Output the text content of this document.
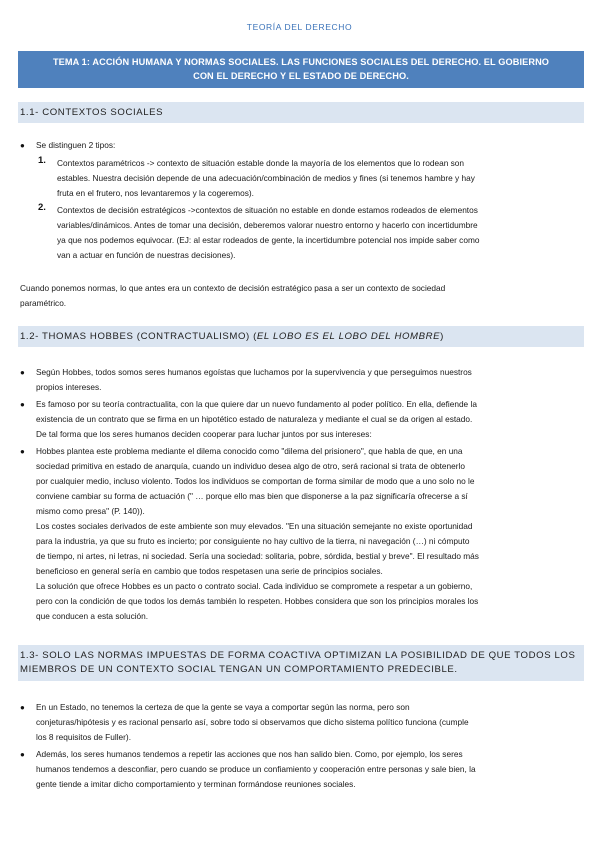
TEORÍA DEL DERECHO
TEMA 1: ACCIÓN HUMANA Y NORMAS SOCIALES. LAS FUNCIONES SOCIALES DEL DERECHO. EL GOBIERNO
CON EL DERECHO Y EL ESTADO DE DERECHO.
1.1- CONTEXTOS SOCIALES
● Se distinguen 2 tipos:
1. Contextos paramétricos -> contexto de situación estable donde la mayoría de los elementos que lo rodean son
estables. Nuestra decisión depende de una adecuación/combinación de medios y fines (si tenemos hambre y hay
fruta en el frutero, nos levantaremos y la cogeremos).
2. Contextos de decisión estratégicos ->contextos de situación no estable en donde estamos rodeados de elementos
variables/dinámicos. Antes de tomar una decisión, deberemos valorar nuestro entorno y hacerlo con incertidumbre
ya que nos podemos equivocar. (EJ: al estar rodeados de gente, la incertidumbre potencial nos impide saber como
van a actuar en función de nuestras decisiones).
Cuando ponemos normas, lo que antes era un contexto de decisión estratégico pasa a ser un contexto de sociedad
paramétrico.
1.2- THOMAS HOBBES (CONTRACTUALISMO) (EL LOBO ES EL LOBO DEL HOMBRE)
● Según Hobbes, todos somos seres humanos egoístas que luchamos por la supervivencia y que perseguimos nuestros
propios intereses.
● Es famoso por su teoría contractualita, con la que quiere dar un nuevo fundamento al poder político. En ella, defiende la
existencia de un contrato que se firma en un hipotético estado de naturaleza y mediante el cual se da origen al estado.
De tal forma que los seres humanos deciden cooperar para luchar juntos por sus intereses:
● Hobbes plantea este problema mediante el dilema conocido como "dilema del prisionero", que habla de que, en una
sociedad primitiva en estado de anarquía, cuando un individuo desea algo de otro, será racional si trata de obtenerlo
por cualquier medio, incluso violento. Todos los individuos se comportan de forma similar de modo que a uno solo no le
conviene cambiar su forma de actuación (" … porque ello mas bien que disponerse a la paz significaría ofrecerse a sí
mismo como presa" (P. 140)).
Los costes sociales derivados de este ambiente son muy elevados. "En una situación semejante no existe oportunidad
para la industria, ya que su fruto es incierto; por consiguiente no hay cultivo de la tierra, ni navegación (…) ni cómputo
de tiempo, ni artes, ni letras, ni sociedad. Sería una sociedad: solitaria, pobre, sórdida, bestial y breve". El resultado más
beneficioso en general sería en cambio que todos respetasen una serie de principios sociales.
La solución que ofrece Hobbes es un pacto o contrato social. Cada individuo se compromete a respetar a un gobierno,
pero con la condición de que todos los demás también lo respeten. Hobbes considera que son los principios morales los
que conducen a esta solución.
1.3- SOLO LAS NORMAS IMPUESTAS DE FORMA COACTIVA OPTIMIZAN LA POSIBILIDAD DE QUE TODOS LOS
MIEMBROS DE UN CONTEXTO SOCIAL TENGAN UN COMPORTAMIENTO PREDECIBLE.
● En un Estado, no tenemos la certeza de que la gente se vaya a comportar según las norma, pero son
conjeturas/hipótesis y es racional pensarlo así, sobre todo si observamos que dicho sistema político funciona (cumple
los 8 requisitos de Fuller).
● Además, los seres humanos tendemos a repetir las acciones que nos han salido bien. Como, por ejemplo, los seres
humanos tendemos a desconfiar, pero cuando se produce un confiamiento y cooperación entre personas y sale bien, la
gente tiende a imitar dicho comportamiento y terminan formándose reuniones sociales.
